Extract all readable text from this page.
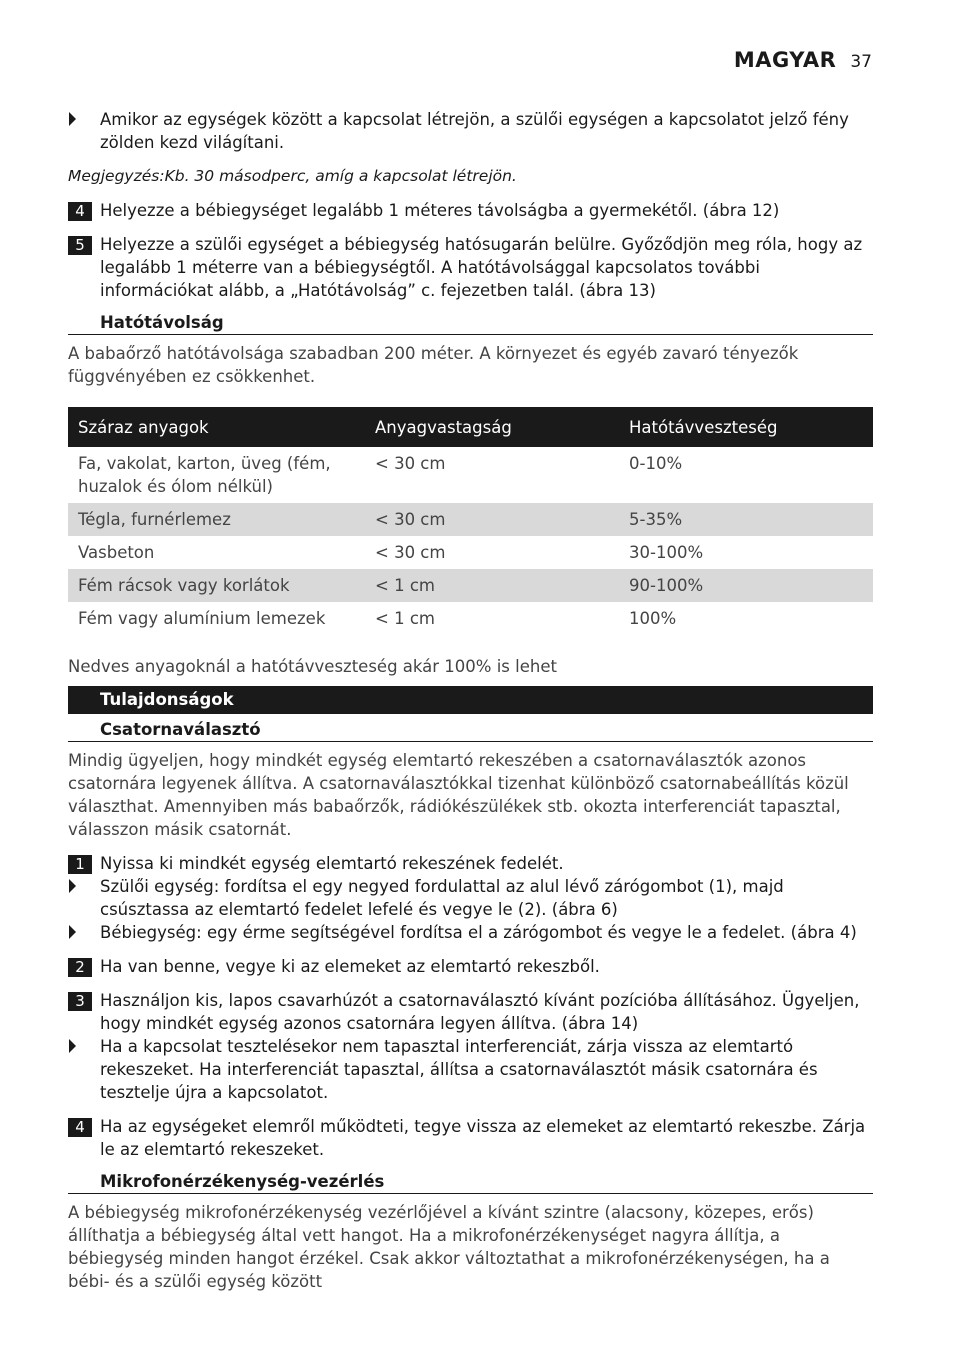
MAGYAR 37
Amikor az egységek között a kapcsolat létrejön, a szülői egységen a kapcsolatot jelző fény zölden kezd világítani.
Megjegyzés:Kb. 30 másodperc, amíg a kapcsolat létrejön.
4 Helyezze a bébiegységet legalább 1 méteres távolságba a gyermekétől. (ábra 12)
5 Helyezze a szülői egységet a bébiegység hatósugarán belülre. Győződjön meg róla, hogy az legalább 1 méterre van a bébiegységtől. A hatótávolsággal kapcsolatos további információkat alább, a „Hatótávolság” c. fejezetben talál. (ábra 13)
Hatótávolság
A babaőrző hatótávolsága szabadban 200 méter. A környezet és egyéb zavaró tényezők függvényében ez csökkenhet.
Száraz anyagok	Anyagvastagság	Hatótávveszteség
Fa, vakolat, karton, üveg (fém, huzalok és ólom nélkül)	< 30 cm	0-10%
Tégla, furnérlemez	< 30 cm	5-35%
Vasbeton	< 30 cm	30-100%
Fém rácsok vagy korlátok	< 1 cm	90-100%
Fém vagy alumínium lemezek	< 1 cm	100%
Nedves anyagoknál a hatótávveszteség akár 100% is lehet
Tulajdonságok
Csatornaválasztó
Mindig ügyeljen, hogy mindkét egység elemtartó rekeszében a csatornaválasztók azonos csatornára legyenek állítva. A csatornaválasztókkal tizenhat különböző csatornabeállítás közül választhat. Amennyiben más babaőrzők, rádiókészülékek stb. okozta interferenciát tapasztal, válasszon másik csatornát.
1 Nyissa ki mindkét egység elemtartó rekeszének fedelét.
Szülői egység: fordítsa el egy negyed fordulattal az alul lévő zárógombot (1), majd csúsztassa az elemtartó fedelet lefelé és vegye le (2). (ábra 6)
Bébiegység: egy érme segítségével fordítsa el a zárógombot és vegye le a fedelet. (ábra 4)
2 Ha van benne, vegye ki az elemeket az elemtartó rekeszből.
3 Használjon kis, lapos csavarhúzót a csatornaválasztó kívánt pozícióba állításához. Ügyeljen, hogy mindkét egység azonos csatornára legyen állítva. (ábra 14)
Ha a kapcsolat tesztelésekor nem tapasztal interferenciát, zárja vissza az elemtartó rekeszeket. Ha interferenciát tapasztal, állítsa a csatornaválasztót másik csatornára és tesztelje újra a kapcsolatot.
4 Ha az egységeket elemről működteti, tegye vissza az elemeket az elemtartó rekeszbe. Zárja le az elemtartó rekeszeket.
Mikrofonérzékenység-vezérlés
A bébiegység mikrofonérzékenység vezérlőjével a kívánt szintre (alacsony, közepes, erős) állíthatja a bébiegység által vett hangot. Ha a mikrofonérzékenységet nagyra állítja, a bébiegység minden hangot érzékel. Csak akkor változtathat a mikrofonérzékenységen, ha a bébi- és a szülői egység között
